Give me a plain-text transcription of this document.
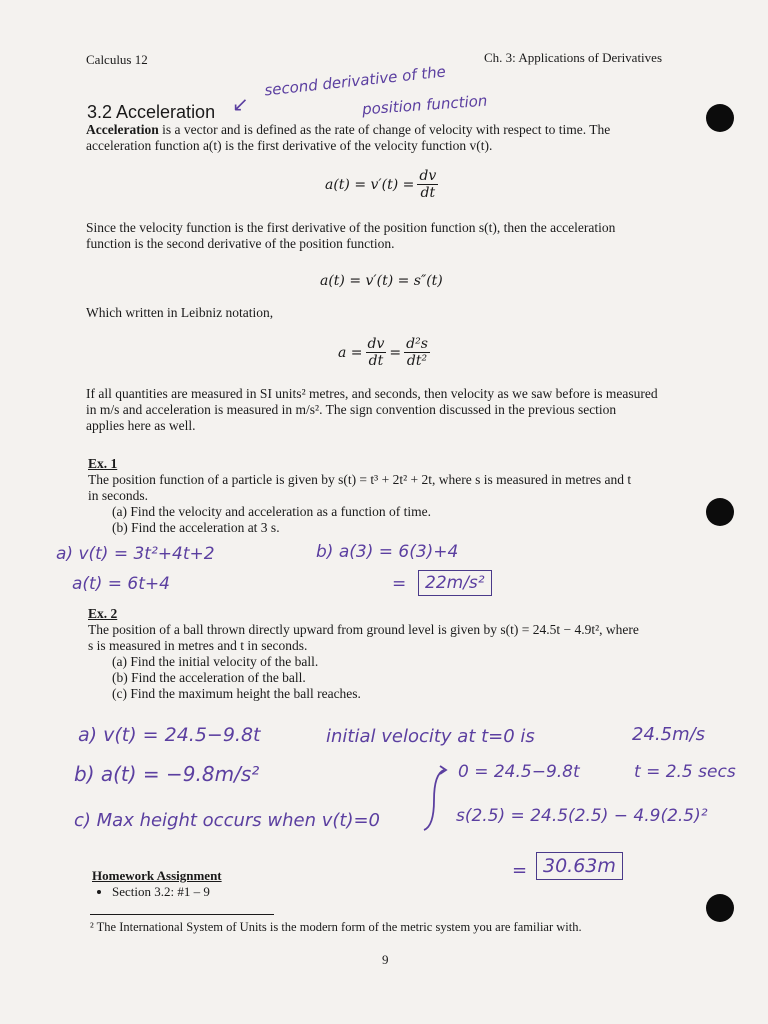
Calculus 12	Ch. 3: Applications of Derivatives
3.2 Acceleration ↙
second derivative of the
position function

Acceleration is a vector and is defined as the rate of change of velocity with respect to time. The

acceleration function a(t) is the first derivative of the velocity function v(t).

$a(t) = v'(t) = \frac{dv}{dt}$

Since the velocity function is the first derivative of the position function s(t), then the acceleration

function is the second derivative of the position function.

a(t) = v′(t) = s″(t)

Which written in Leibniz notation,

$a = \frac{dv}{dt} = \frac{\text{d²s}}{\text{dt²}}$

If all quantities are measured in SI units² metres, and seconds, then velocity as we saw before is measured

in m/s and acceleration is measured in m/s². The sign convention discussed in the previous section

applies here as well.

Ex. 1

The position function of a particle is given by s(t) = t³ + 2t² + 2t, where s is measured in metres and t

in seconds.

(a) Find the velocity and acceleration as a function of time.

(b) Find the acceleration at 3 s.

a) v(t) = 3t²+4t+2
a(t) = 6t+4
b) a(3) = 6(3)+4
=	22m/s²

Ex. 2

The position of a ball thrown directly upward from ground level is given by s(t) = 24.5t − 4.9t², where

s is measured in metres and t in seconds.

(a) Find the initial velocity of the ball.

(b) Find the acceleration of the ball.

(c) Find the maximum height the ball reaches.

a) v(t) = 24.5−9.8t	initial velocity at t=0 is	24.5m/s
b) a(t) = −9.8m/s²
c) Max height occurs when v(t)=0
0 = 24.5−9.8t	t = 2.5 secs
s(2.5) = 24.5(2.5) − 4.9(2.5)²
= 30.63m

Homework Assignment

• Section 3.2: #1 – 9
² The International System of Units is the modern form of the metric system you are familiar with.
9
